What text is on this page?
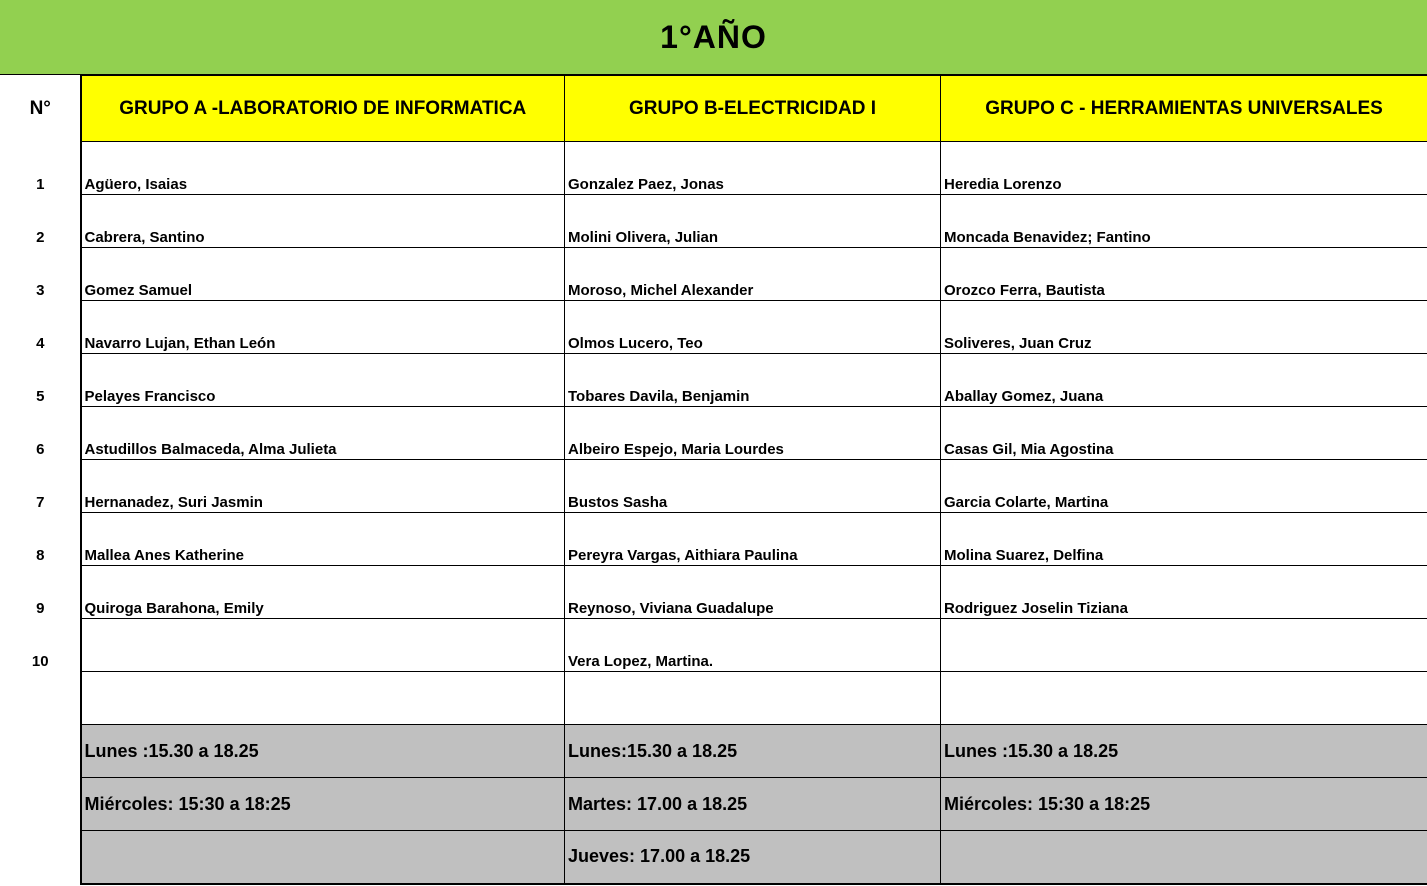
1°AÑO
N°	GRUPO A -LABORATORIO DE INFORMATICA	GRUPO B-ELECTRICIDAD I	GRUPO C - HERRAMIENTAS UNIVERSALES
1	Agüero, Isaias	Gonzalez Paez, Jonas	Heredia Lorenzo
2	Cabrera, Santino	Molini Olivera, Julian	Moncada Benavidez; Fantino
3	Gomez Samuel	Moroso, Michel Alexander	Orozco Ferra, Bautista
4	Navarro Lujan, Ethan León	Olmos Lucero, Teo	Soliveres, Juan Cruz
5	Pelayes Francisco	Tobares Davila, Benjamin	Aballay Gomez, Juana
6	Astudillos Balmaceda, Alma Julieta	Albeiro Espejo, Maria Lourdes	Casas Gil, Mia Agostina
7	Hernanadez, Suri Jasmin	Bustos Sasha	Garcia Colarte, Martina
8	Mallea Anes Katherine	Pereyra Vargas, Aithiara Paulina	Molina Suarez, Delfina
9	Quiroga Barahona, Emily	Reynoso, Viviana Guadalupe	Rodriguez Joselin Tiziana
10		Vera Lopez, Martina.	

	Lunes :15.30 a 18.25	Lunes:15.30 a 18.25	Lunes :15.30 a 18.25
	Miércoles: 15:30 a 18:25	Martes: 17.00 a 18.25	Miércoles: 15:30 a 18:25
		Jueves: 17.00 a 18.25	
